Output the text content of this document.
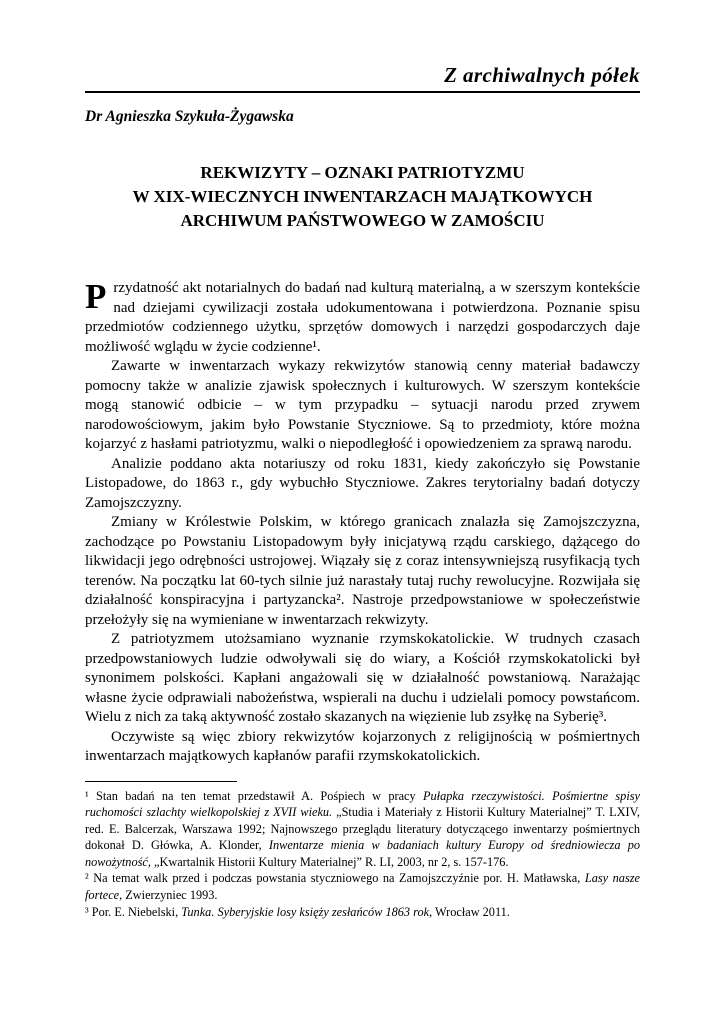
Z archiwalnych półek
Dr Agnieszka Szykuła-Żygawska
REKWIZYTY – OZNAKI PATRIOTYZMU
W XIX-WIECZNYCH INWENTARZACH MAJĄTKOWYCH
ARCHIWUM PAŃSTWOWEGO W ZAMOŚCIU

Przydatność akt notarialnych do badań nad kulturą materialną, a w szerszym kontekście nad dziejami cywilizacji została udokumentowana i potwierdzona. Poznanie spisu przedmiotów codziennego użytku, sprzętów domowych i narzędzi gospodarczych daje możliwość wglądu w życie codzienne¹.

Zawarte w inwentarzach wykazy rekwizytów stanowią cenny materiał badawczy pomocny także w analizie zjawisk społecznych i kulturowych. W szerszym kontekście mogą stanowić odbicie – w tym przypadku – sytuacji narodu przed zrywem narodowościowym, jakim było Powstanie Styczniowe. Są to przedmioty, które można kojarzyć z hasłami patriotyzmu, walki o niepodległość i opowiedzeniem za sprawą narodu.

Analizie poddano akta notariuszy od roku 1831, kiedy zakończyło się Powstanie Listopadowe, do 1863 r., gdy wybuchło Styczniowe. Zakres terytorialny badań dotyczy Zamojszczyzny.

Zmiany w Królestwie Polskim, w którego granicach znalazła się Zamojszczyzna, zachodzące po Powstaniu Listopadowym były inicjatywą rządu carskiego, dążącego do likwidacji jego odrębności ustrojowej. Wiązały się z coraz intensywniejszą rusyfikacją tych terenów. Na początku lat 60-tych silnie już narastały tutaj ruchy rewolucyjne. Rozwijała się działalność konspiracyjna i partyzancka². Nastroje przedpowstaniowe w społeczeństwie przełożyły się na wymieniane w inwentarzach rekwizyty.

Z patriotyzmem utożsamiano wyznanie rzymskokatolickie. W trudnych czasach przedpowstaniowych ludzie odwoływali się do wiary, a Kościół rzymskokatolicki był synonimem polskości. Kapłani angażowali się w działalność powstaniową. Narażając własne życie odprawiali nabożeństwa, wspierali na duchu i udzielali pomocy powstańcom. Wielu z nich za taką aktywność zostało skazanych na więzienie lub zsyłkę na Syberię³.

Oczywiste są więc zbiory rekwizytów kojarzonych z religijnością w pośmiertnych inwentarzach majątkowych kapłanów parafii rzymskokatolickich.

¹ Stan badań na ten temat przedstawił A. Pośpiech w pracy Pułapka rzeczywistości. Pośmiertne spisy ruchomości szlachty wielkopolskiej z XVII wieku. „Studia i Materiały z Historii Kultury Materialnej” T. LXIV, red. E. Balcerzak, Warszawa 1992; Najnowszego przeglądu literatury dotyczącego inwentarzy pośmiertnych dokonał D. Główka, A. Klonder, Inwentarze mienia w badaniach kultury Europy od średniowiecza po nowożytność, „Kwartalnik Historii Kultury Materialnej” R. LI, 2003, nr 2, s. 157-176.

² Na temat walk przed i podczas powstania styczniowego na Zamojszczyźnie por. H. Matławska, Lasy nasze fortece, Zwierzyniec 1993.

³ Por. E. Niebelski, Tunka. Syberyjskie losy księży zesłańców 1863 rok, Wrocław 2011.
